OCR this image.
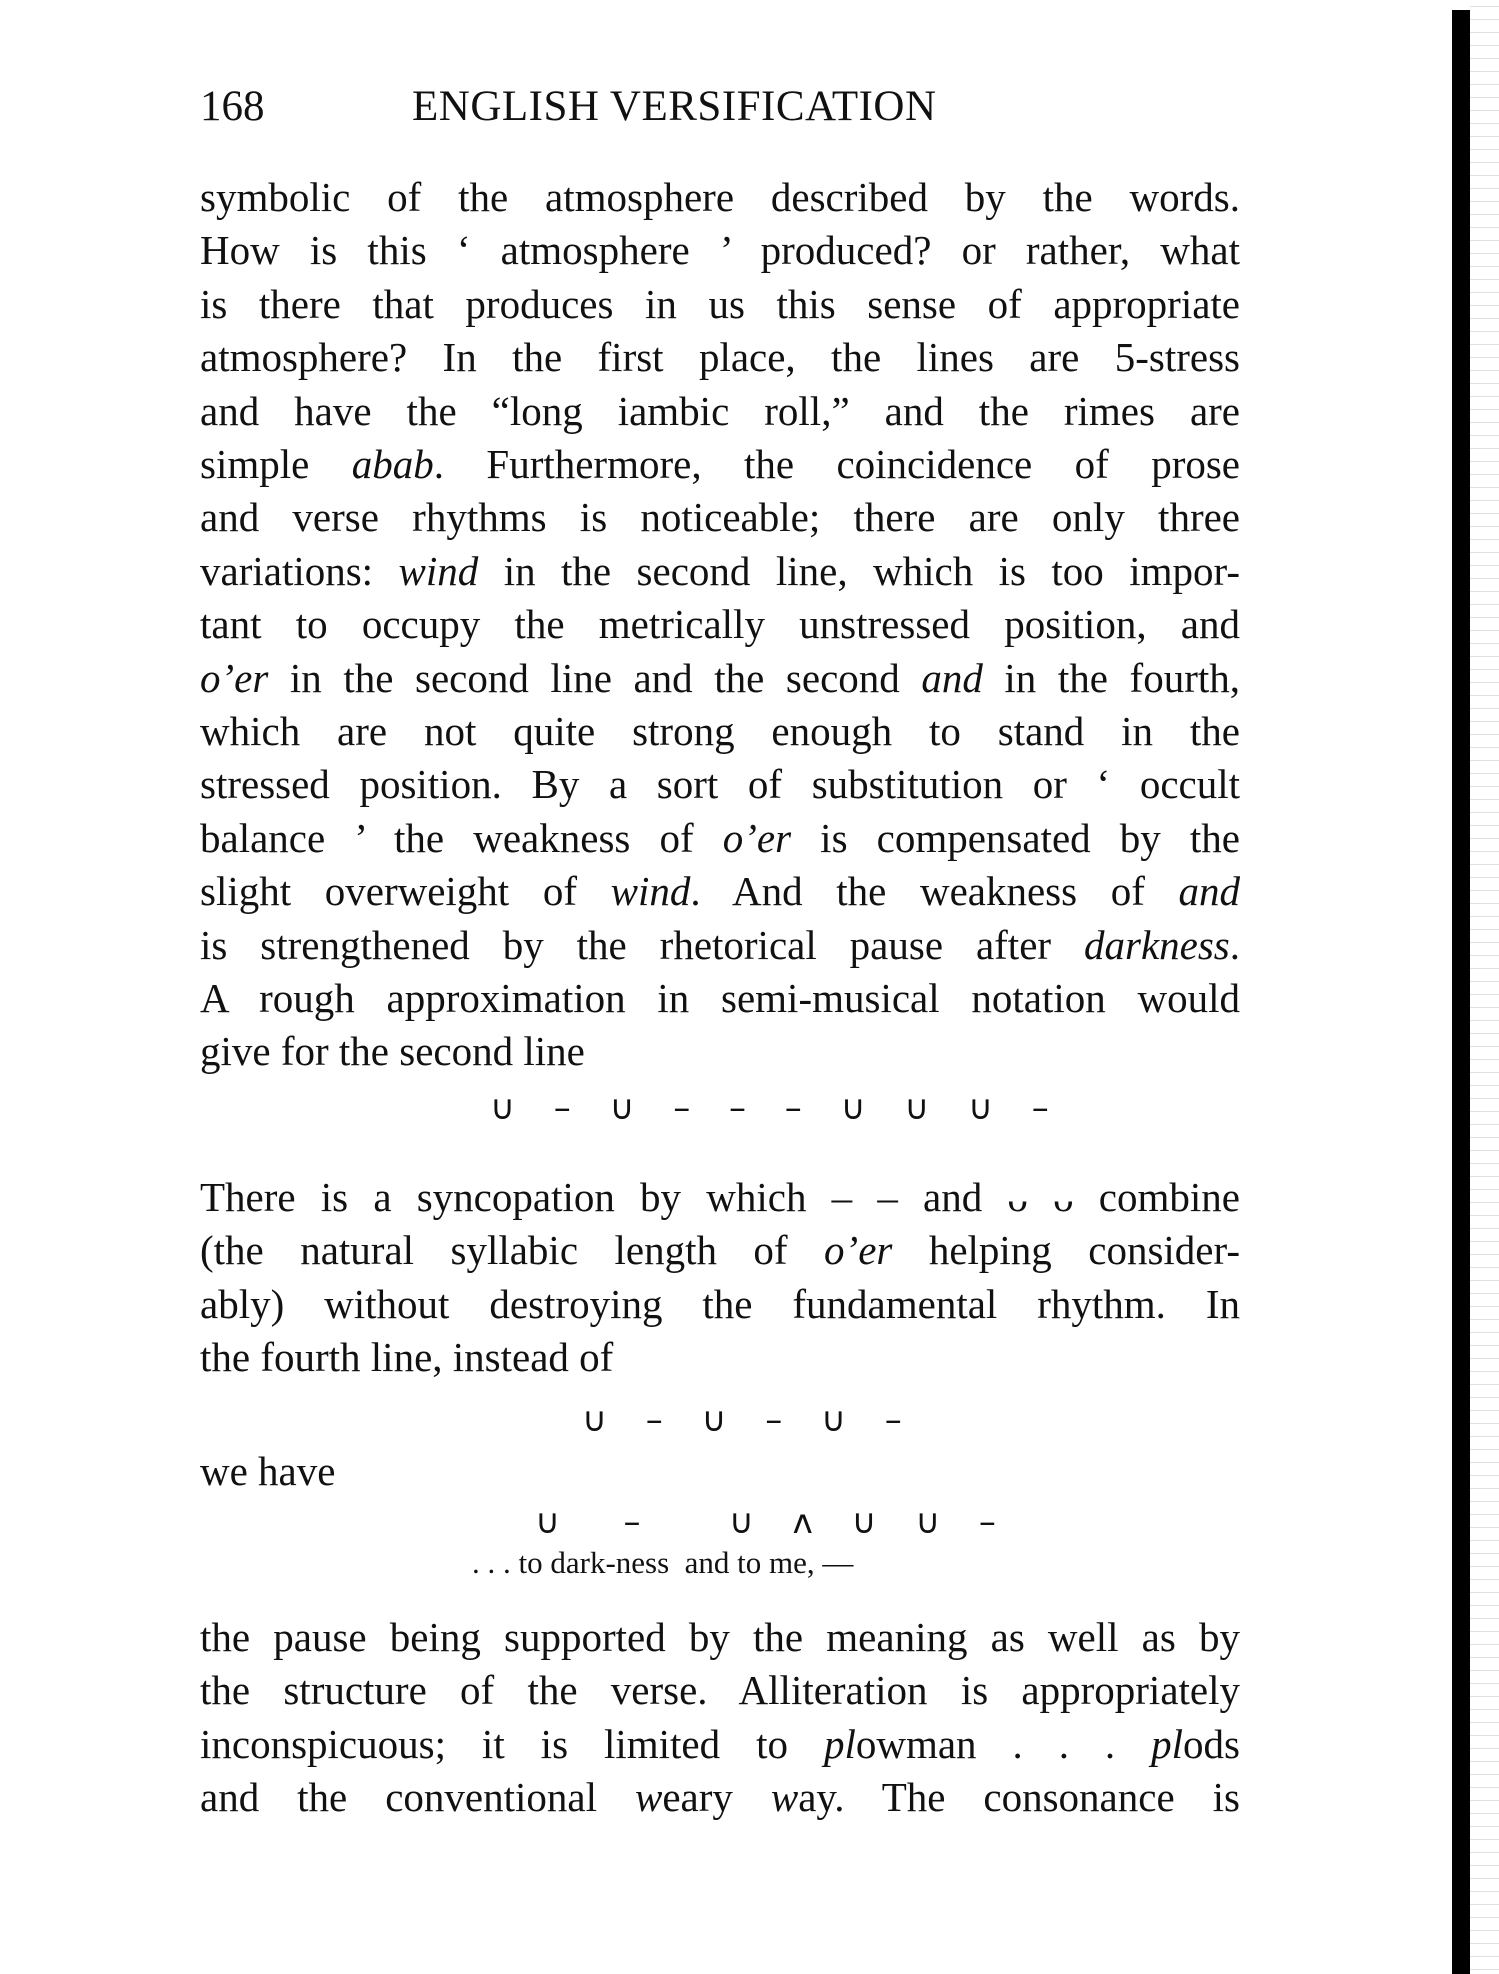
168	ENGLISH VERSIFICATION
symbolic of the atmosphere described by the words.
How is this ‘ atmosphere ’ produced? or rather, what
is there that produces in us this sense of appropriate
atmosphere? In the first place, the lines are 5-stress
and have the “long iambic roll,” and the rimes are
simple abab. Furthermore, the coincidence of prose
and verse rhythms is noticeable; there are only three
variations: wind in the second line, which is too impor-
tant to occupy the metrically unstressed position, and
o’er in the second line and the second and in the fourth,
which are not quite strong enough to stand in the
stressed position. By a sort of substitution or ‘ occult
balance ’ the weakness of o’er is compensated by the
slight overweight of wind. And the weakness of and
is strengthened by the rhetorical pause after darkness.
A rough approximation in semi-musical notation would
give for the second line
There is a syncopation by which – – and ᴗ ᴗ combine
(the natural syllabic length of o’er helping consider-
ably) without destroying the fundamental rhythm. In
the fourth line, instead of
we have
the pause being supported by the meaning as well as by
the structure of the verse. Alliteration is appropriately
inconspicuous; it is limited to plowman . . . plods
and the conventional weary way. The consonance is
∪ – ∪ – – – ∪ ∪ ∪ –
∪ – ∪ – ∪ –
∪  –   ∪ ʌ ∪ ∪ –
. . . to dark-ness  and to me, —
